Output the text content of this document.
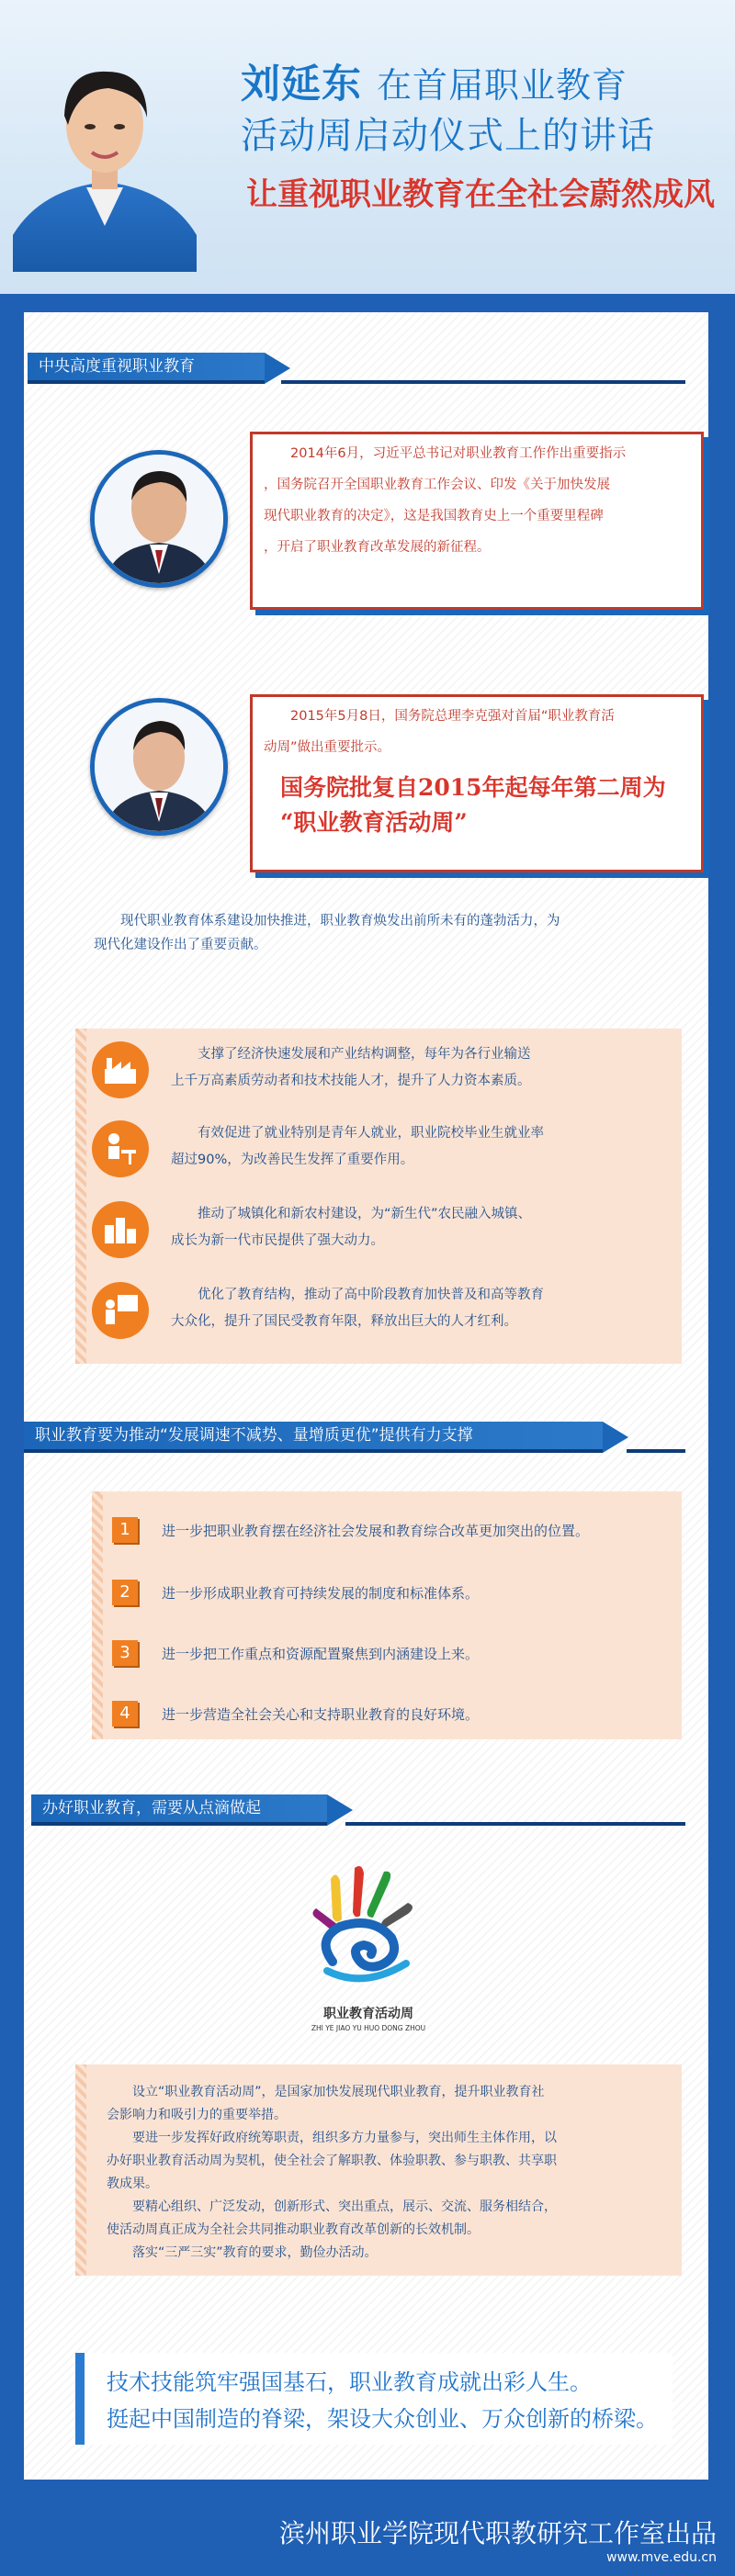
刘延东 在首届职业教育
活动周启动仪式上的讲话
让重视职业教育在全社会蔚然成风
中央高度重视职业教育

2014年6月，习近平总书记对职业教育工作作出重要指示

，国务院召开全国职业教育工作会议、印发《关于加快发展

现代职业教育的决定》，这是我国教育史上一个重要里程碑

，开启了职业教育改革发展的新征程。

2015年5月8日，国务院总理李克强对首届“职业教育活

动周”做出重要批示。

国务院批复自2015年起每年第二周为
“职业教育活动周”
现代职业教育体系建设加快推进，职业教育焕发出前所未有的蓬勃活力，为
现代化建设作出了重要贡献。
支撑了经济快速发展和产业结构调整，每年为各行业输送
上千万高素质劳动者和技术技能人才，提升了人力资本素质。
有效促进了就业特别是青年人就业，职业院校毕业生就业率
超过90%，为改善民生发挥了重要作用。
推动了城镇化和新农村建设，为“新生代”农民融入城镇、
成长为新一代市民提供了强大动力。
优化了教育结构，推动了高中阶段教育加快普及和高等教育
大众化，提升了国民受教育年限，释放出巨大的人才红利。
职业教育要为推动“发展调速不减势、量增质更优”提供有力支撑
1	进一步把职业教育摆在经济社会发展和教育综合改革更加突出的位置。
2	进一步形成职业教育可持续发展的制度和标准体系。
3	进一步把工作重点和资源配置聚焦到内涵建设上来。
4	进一步营造全社会关心和支持职业教育的良好环境。
办好职业教育，需要从点滴做起
职业教育活动周
ZHI YE JIAO YU HUO DONG ZHOU
设立“职业教育活动周”，是国家加快发展现代职业教育，提升职业教育社
会影响力和吸引力的重要举措。
要进一步发挥好政府统筹职责，组织多方力量参与，突出师生主体作用，以
办好职业教育活动周为契机，使全社会了解职教、体验职教、参与职教、共享职
教成果。
要精心组织、广泛发动，创新形式、突出重点，展示、交流、服务相结合，
使活动周真正成为全社会共同推动职业教育改革创新的长效机制。
落实“三严三实”教育的要求，勤俭办活动。

技术技能筑牢强国基石，职业教育成就出彩人生。

挺起中国制造的脊梁，架设大众创业、万众创新的桥梁。

滨州职业学院现代职教研究工作室出品
www.mve.edu.cn
